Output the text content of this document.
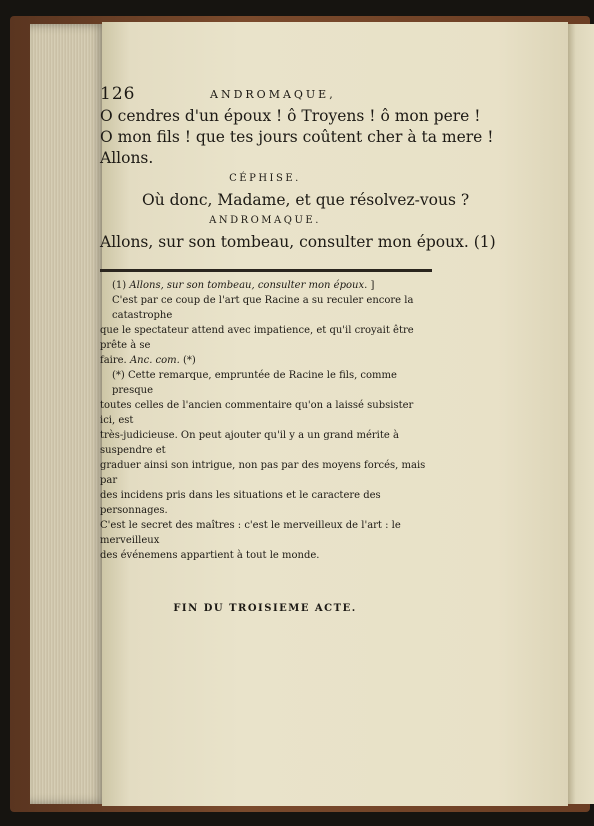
126	ANDROMAQUE,
O cendres d'un époux ! ô Troyens ! ô mon pere !
O mon fils ! que tes jours coûtent cher à ta mere !
Allons.
CÉPHISE.
Où donc, Madame, et que résolvez-vous ?
ANDROMAQUE.
Allons, sur son tombeau, consulter mon époux. (1)

(1) Allons, sur son tombeau, consulter mon époux. ]

C'est par ce coup de l'art que Racine a su reculer encore la catastrophe

que le spectateur attend avec impatience, et qu'il croyait être prête à se

faire. Anc. com. (*)

(*) Cette remarque, empruntée de Racine le fils, comme presque

toutes celles de l'ancien commentaire qu'on a laissé subsister ici, est

très-judicieuse. On peut ajouter qu'il y a un grand mérite à suspendre et

graduer ainsi son intrigue, non pas par des moyens forcés, mais par

des incidens pris dans les situations et le caractere des personnages.

C'est le secret des maîtres : c'est le merveilleux de l'art : le merveilleux

des événemens appartient à tout le monde.

FIN DU TROISIEME ACTE.
